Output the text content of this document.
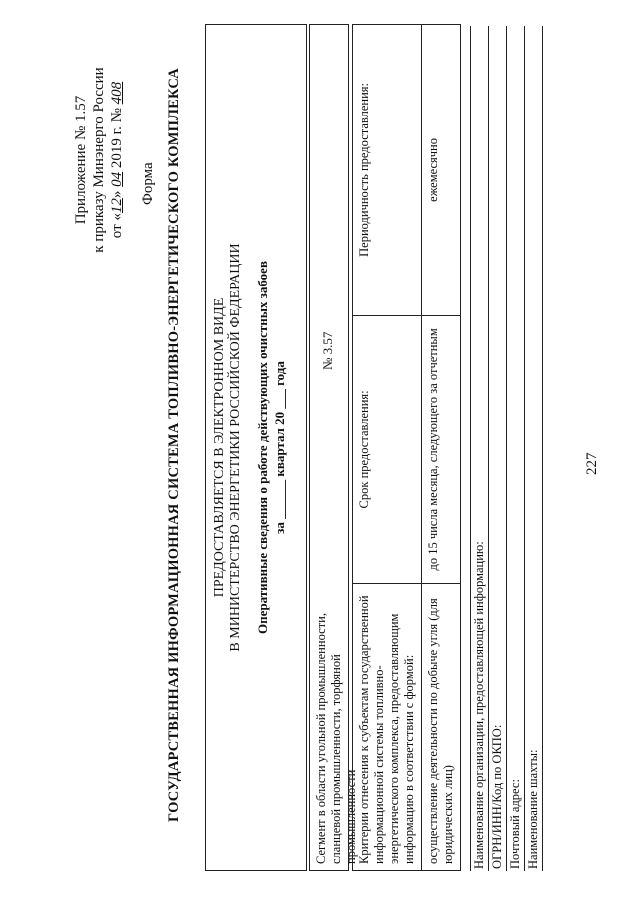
227
Приложение № 1.57 к приказу Минэнерго России от «12» 04 2019 г. № 408
Форма ГОСУДАРСТВЕННАЯ ИНФОРМАЦИОННАЯ СИСТЕМА ТОПЛИВНО-ЭНЕРГЕТИЧЕСКОГО КОМПЛЕКСА ПРЕДОСТАВЛЯЕТСЯ В ЭЛЕКТРОННОМ ВИДЕ В МИНИСТЕРСТВО ЭНЕРГЕТИКИ РОССИЙСКОЙ ФЕДЕРАЦИИ Оперативные сведения о работе действующих очистных забоев за ______ квартал 20 ___ года
Сегмент в области угольной промышленности, сланцевой промышленности, торфяной промышленности
№ 3.57
Критерии отнесения к субъектам государственной информационной системы топливно-энергетического комплекса, предоставляющим информацию в соответствии с формой:	Срок предоставления:	Периодичность предоставления:
осуществление деятельности по добыче угля (для юридических лиц)	до 15 числа месяца, следующего за отчетным	ежемесячно
Наименование организации, предоставляющей информацию: ОГРН/ИНН/Код по ОКПО: Почтовый адрес: Наименование шахты:
